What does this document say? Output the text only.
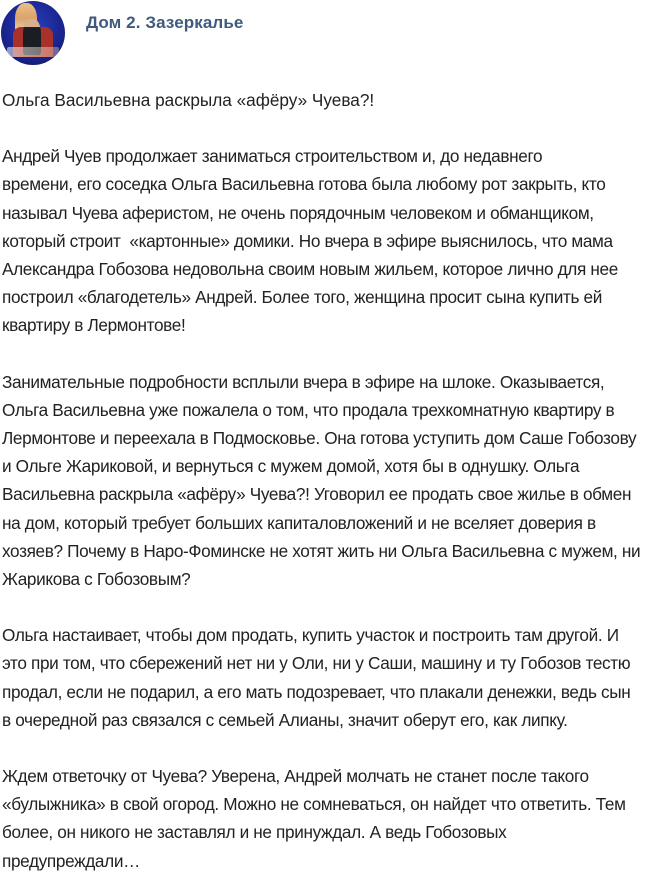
Дом 2. Зазеркалье

Ольга Васильевна раскрыла «афёру» Чуева?!

Андрей Чуев продолжает заниматься строительством и, до недавнего
времени, его соседка Ольга Васильевна готова была любому рот закрыть, кто
называл Чуева аферистом, не очень порядочным человеком и обманщиком,
который строит  «картонные» домики. Но вчера в эфире выяснилось, что мама
Александра Гобозова недовольна своим новым жильем, которое лично для нее
построил «благодетель» Андрей. Более того, женщина просит сына купить ей
квартиру в Лермонтове!

Занимательные подробности всплыли вчера в эфире на шлоке. Оказывается,
Ольга Васильевна уже пожалела о том, что продала трехкомнатную квартиру в
Лермонтове и переехала в Подмосковье. Она готова уступить дом Саше Гобозову
и Ольге Жариковой, и вернуться с мужем домой, хотя бы в однушку. Ольга
Васильевна раскрыла «афёру» Чуева?! Уговорил ее продать свое жилье в обмен
на дом, который требует больших капиталовложений и не вселяет доверия в
хозяев? Почему в Наро-Фоминске не хотят жить ни Ольга Васильевна с мужем, ни
Жарикова с Гобозовым?

Ольга настаивает, чтобы дом продать, купить участок и построить там другой. И
это при том, что сбережений нет ни у Оли, ни у Саши, машину и ту Гобозов тестю
продал, если не подарил, а его мать подозревает, что плакали денежки, ведь сын
в очередной раз связался с семьей Алианы, значит оберут его, как липку.

Ждем ответочку от Чуева? Уверена, Андрей молчать не станет после такого
«булыжника» в свой огород. Можно не сомневаться, он найдет что ответить. Тем
более, он никого не заставлял и не принуждал. А ведь Гобозовых
предупреждали…
